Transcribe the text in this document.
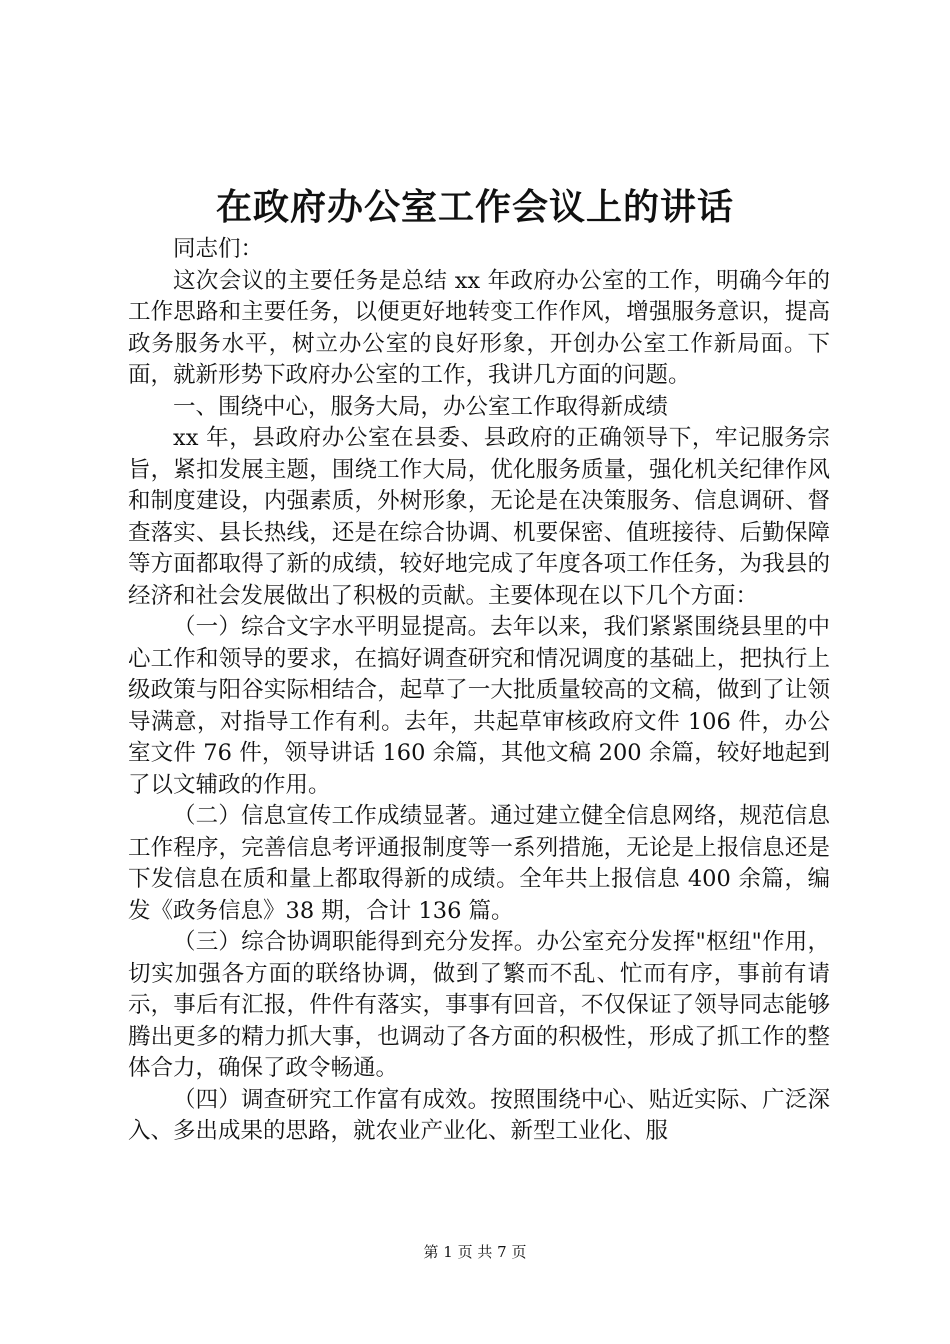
在政府办公室工作会议上的讲话

同志们：

这次会议的主要任务是总结 xx 年政府办公室的工作，明确今年的工作思路和主要任务，以便更好地转变工作作风，增强服务意识，提高政务服务水平，树立办公室的良好形象，开创办公室工作新局面。下面，就新形势下政府办公室的工作，我讲几方面的问题。

一、围绕中心，服务大局，办公室工作取得新成绩

xx 年，县政府办公室在县委、县政府的正确领导下，牢记服务宗旨，紧扣发展主题，围绕工作大局，优化服务质量，强化机关纪律作风和制度建设，内强素质，外树形象，无论是在决策服务、信息调研、督查落实、县长热线，还是在综合协调、机要保密、值班接待、后勤保障等方面都取得了新的成绩，较好地完成了年度各项工作任务，为我县的经济和社会发展做出了积极的贡献。主要体现在以下几个方面：

（一）综合文字水平明显提高。去年以来，我们紧紧围绕县里的中心工作和领导的要求，在搞好调查研究和情况调度的基础上，把执行上级政策与阳谷实际相结合，起草了一大批质量较高的文稿，做到了让领导满意，对指导工作有利。去年，共起草审核政府文件 106 件，办公室文件 76 件，领导讲话 160 余篇，其他文稿 200 余篇，较好地起到了以文辅政的作用。

（二）信息宣传工作成绩显著。通过建立健全信息网络，规范信息工作程序，完善信息考评通报制度等一系列措施，无论是上报信息还是下发信息在质和量上都取得新的成绩。全年共上报信息 400 余篇，编发《政务信息》38 期，合计 136 篇。

（三）综合协调职能得到充分发挥。办公室充分发挥"枢纽"作用，切实加强各方面的联络协调，做到了繁而不乱、忙而有序，事前有请示，事后有汇报，件件有落实，事事有回音，不仅保证了领导同志能够腾出更多的精力抓大事，也调动了各方面的积极性，形成了抓工作的整体合力，确保了政令畅通。

（四）调查研究工作富有成效。按照围绕中心、贴近实际、广泛深入、多出成果的思路，就农业产业化、新型工业化、服

第 1 页 共 7 页
